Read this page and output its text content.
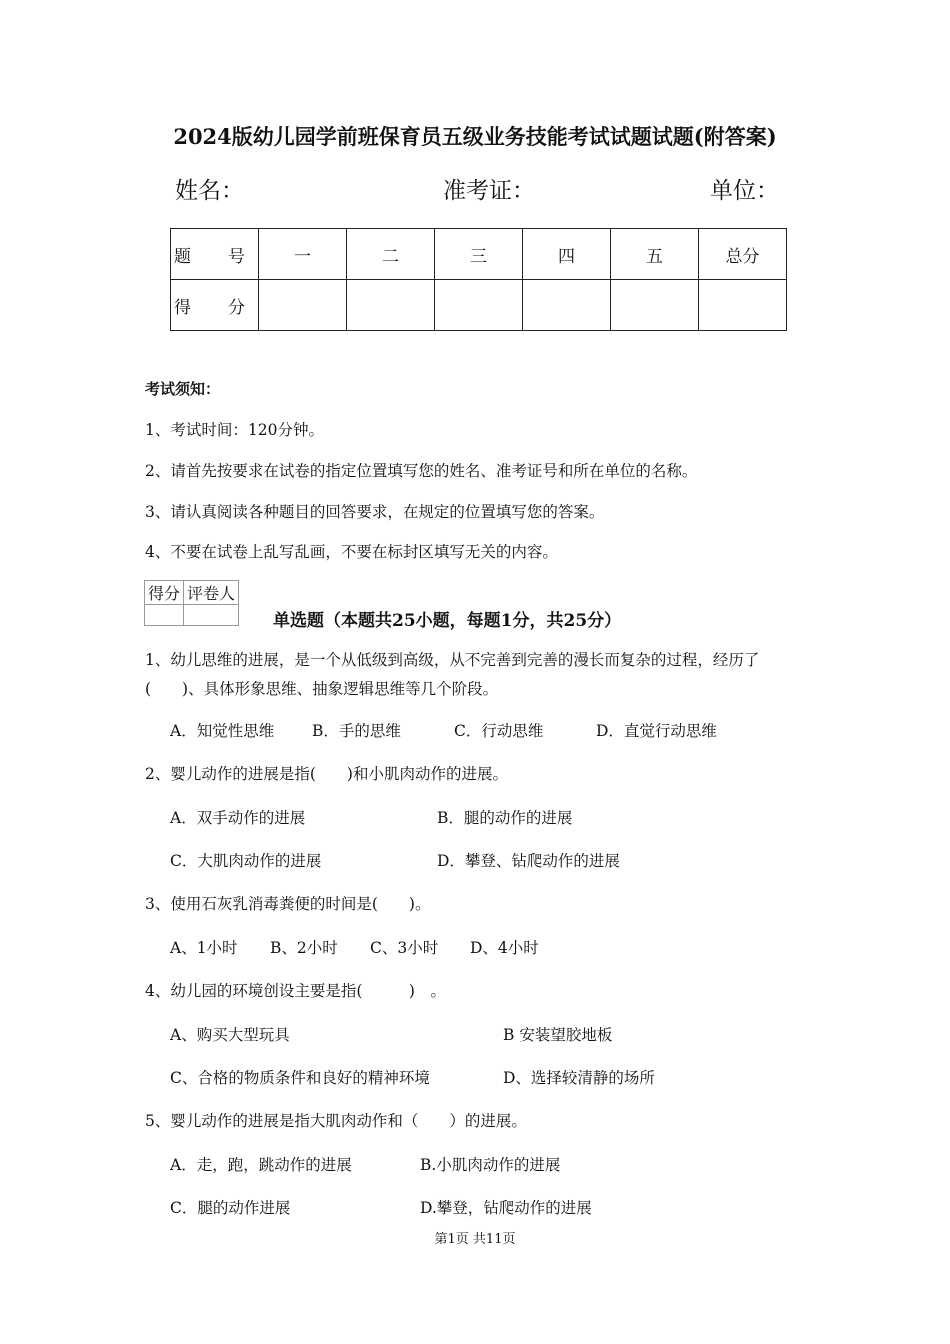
2024版幼儿园学前班保育员五级业务技能考试试题试题(附答案)
姓名：	准考证：	单位：
题　号	一	二	三	四	五	总分
得　分						
考试须知：
1、考试时间：120分钟。
2、请首先按要求在试卷的指定位置填写您的姓名、准考证号和所在单位的名称。
3、请认真阅读各种题目的回答要求，在规定的位置填写您的答案。
4、不要在试卷上乱写乱画，不要在标封区填写无关的内容。
得分	评卷人

单选题（本题共25小题，每题1分，共25分）
1、幼儿思维的进展，是一个从低级到高级，从不完善到完善的漫长而复杂的过程，经历了
(　　)、具体形象思维、抽象逻辑思维等几个阶段。
A．知觉性思维 B．手的思维	C．行动思维	D．直觉行动思维
2、婴儿动作的进展是指(　　)和小肌肉动作的进展。
A．双手动作的进展	B．腿的动作的进展
C．大肌肉动作的进展	D．攀登、钻爬动作的进展
3、使用石灰乳消毒粪便的时间是(　　)。
A、1小时 B、2小时 C、3小时 D、4小时
4、幼儿园的环境创设主要是指(　　　)　。
A、购买大型玩具	B 安装望胶地板
C、合格的物质条件和良好的精神环境	D、选择较清静的场所
5、婴儿动作的进展是指大肌肉动作和（　　）的进展。
A．走，跑，跳动作的进展	B.小肌肉动作的进展
C．腿的动作进展	D.攀登，钻爬动作的进展
第1页 共11页
